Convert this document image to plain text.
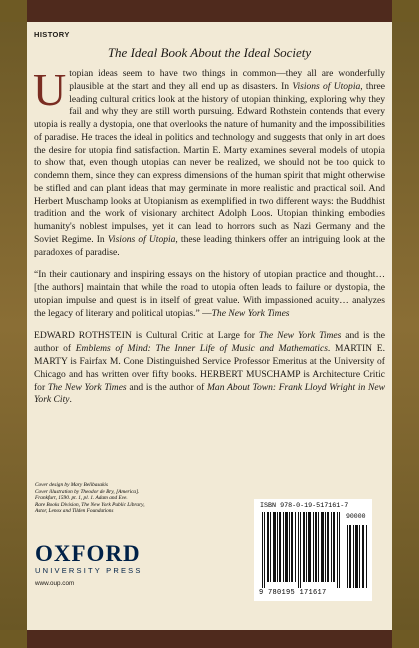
HISTORY

The Ideal Book About the Ideal Society

Utopian ideas seem to have two things in common—they all are wonderfully plausible at the start and they all end up as disasters. In Visions of Utopia, three leading cultural critics look at the history of utopian thinking, exploring why they fail and why they are still worth pursuing. Edward Rothstein contends that every utopia is really a dystopia, one that overlooks the nature of humanity and the impossibilities of paradise. He traces the ideal in politics and technology and suggests that only in art does the desire for utopia find satisfaction. Martin E. Marty examines several models of utopia to show that, even though utopias can never be realized, we should not be too quick to condemn them, since they can express dimensions of the human spirit that might otherwise be stifled and can plant ideas that may germinate in more realistic and practical soil. And Herbert Muschamp looks at Utopianism as exemplified in two different ways: the Buddhist tradition and the work of visionary architect Adolph Loos. Utopian thinking embodies humanity's noblest impulses, yet it can lead to horrors such as Nazi Germany and the Soviet Regime. In Visions of Utopia, these leading thinkers offer an intriguing look at the paradoxes of paradise.

“In their cautionary and inspiring essays on the history of utopian practice and thought… [the authors] maintain that while the road to utopia often leads to failure or dystopia, the utopian impulse and quest is in itself of great value. With impassioned acuity… analyzes the legacy of literary and political utopias.” —The New York Times

EDWARD ROTHSTEIN is Cultural Critic at Large for The New York Times and is the author of Emblems of Mind: The Inner Life of Music and Mathematics. MARTIN E. MARTY is Fairfax M. Cone Distinguished Service Professor Emeritus at the University of Chicago and has written over fifty books. HERBERT MUSCHAMP is Architecture Critic for The New York Times and is the author of Man About Town: Frank Lloyd Wright in New York City.

Cover design by Mary Belibasakis
Cover illustration by Theodor de Bry, [America].
Frankfurt, 1590. pt. 1, pl. 1. Adam and Eve.
Rare Books Division, The New York Public Library,
Astor, Lenox and Tilden Foundations
OXFORD
UNIVERSITY PRESS
www.oup.com
ISBN 978-0-19-517161-7
90000
9 780195 171617
